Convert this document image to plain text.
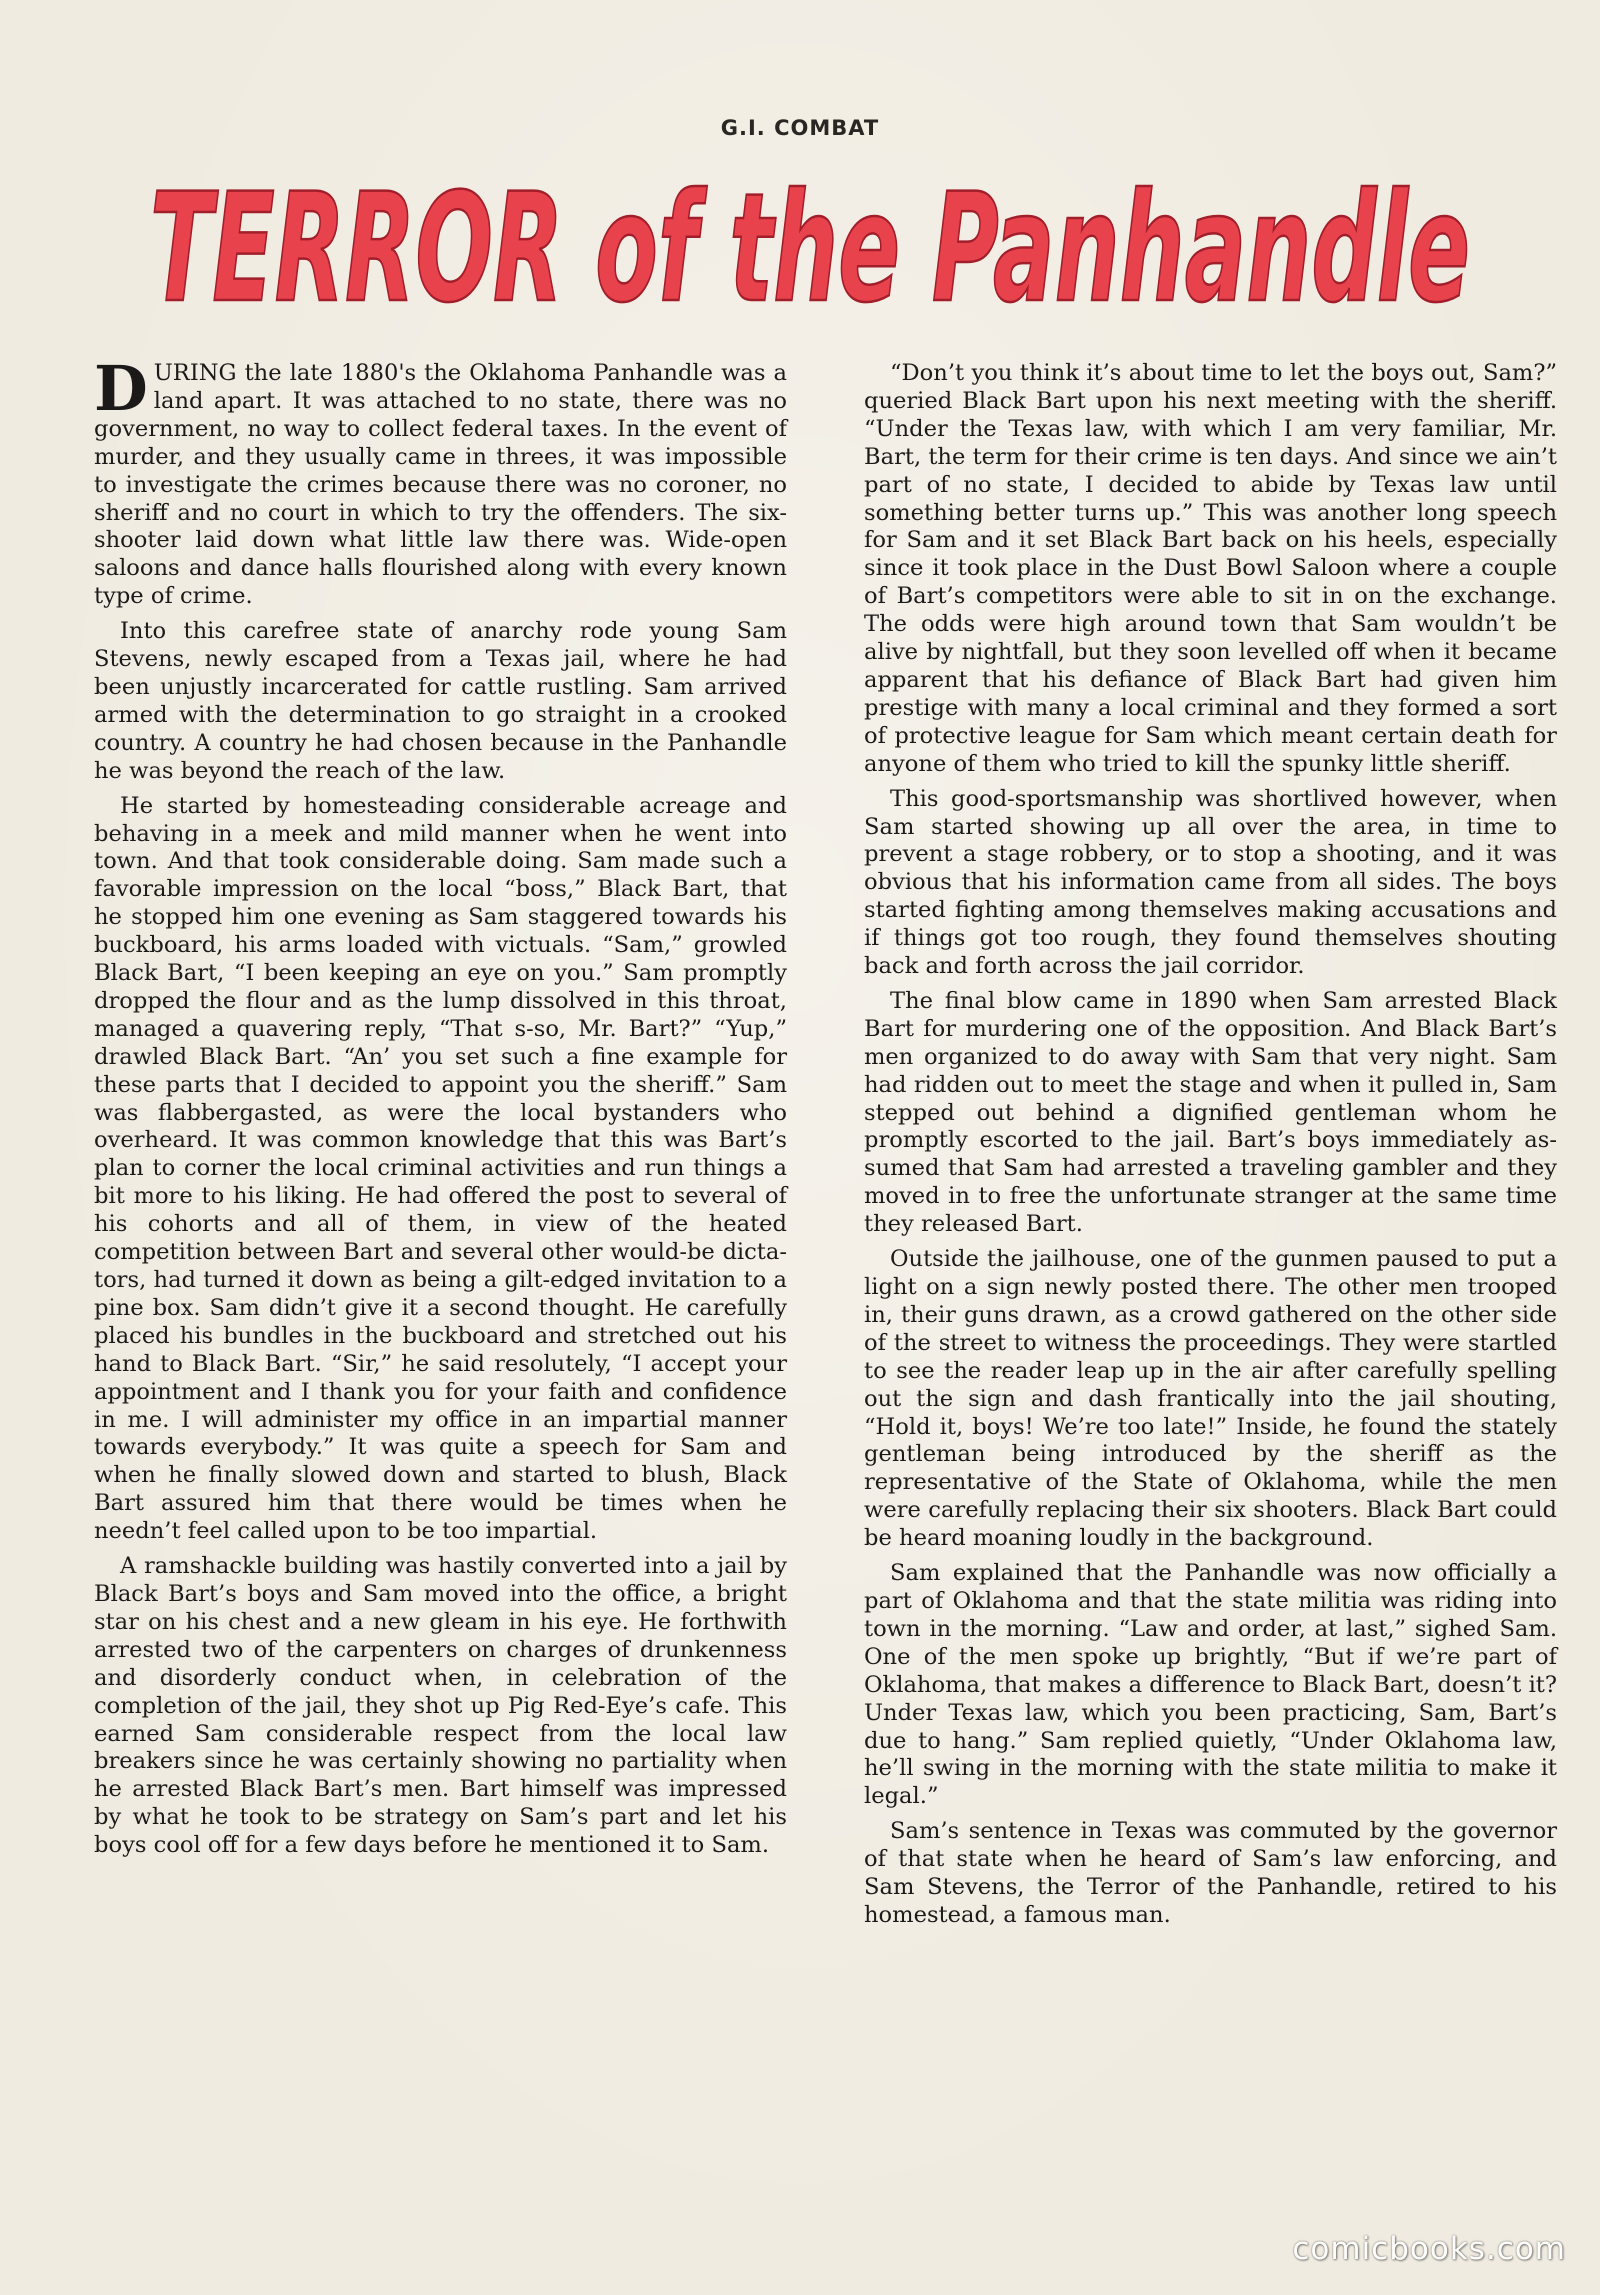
G.I. COMBAT
TERROR of the Panhandle

DURING the late 1880's the Oklahoma Panhandle was a land apart. It was attached to no state, there was no government, no way to collect federal taxes. In the event of murder, and they usually came in threes, it was impossible to investigate the crimes because there was no coroner, no sheriff and no court in which to try the offenders. The six-shooter laid down what little law there was. Wide-open saloons and dance halls flourished along with every known type of crime.

Into this carefree state of anarchy rode young Sam Stevens, newly escaped from a Texas jail, where he had been unjustly incarcerated for cattle rustling. Sam arrived armed with the determination to go straight in a crooked country. A country he had chosen because in the Panhandle he was beyond the reach of the law.

He started by homesteading considerable acreage and behaving in a meek and mild manner when he went into town. And that took considerable doing. Sam made such a favorable impression on the local “boss,” Black Bart, that he stopped him one evening as Sam staggered towards his buckboard, his arms loaded with victuals. “Sam,” growled Black Bart, “I been keeping an eye on you.” Sam promptly dropped the flour and as the lump dissolved in this throat, managed a quavering reply, “That s-so, Mr. Bart?” “Yup,” drawled Black Bart. “An’ you set such a fine example for these parts that I decided to appoint you the sheriff.” Sam was flabbergasted, as were the local bystanders who overheard. It was common knowledge that this was Bart’s plan to corner the local criminal activities and run things a bit more to his liking. He had offered the post to several of his cohorts and all of them, in view of the heated competition between Bart and several other would-be dictators, had turned it down as being a gilt-edged invitation to a pine box. Sam didn’t give it a second thought. He carefully placed his bundles in the buckboard and stretched out his hand to Black Bart. “Sir,” he said resolutely, “I accept your appointment and I thank you for your faith and confidence in me. I will administer my office in an impartial manner towards everybody.” It was quite a speech for Sam and when he finally slowed down and started to blush, Black Bart assured him that there would be times when he needn’t feel called upon to be too impartial.

A ramshackle building was hastily converted into a jail by Black Bart’s boys and Sam moved into the office, a bright star on his chest and a new gleam in his eye. He forthwith arrested two of the carpenters on charges of drunkenness and disorderly conduct when, in celebration of the completion of the jail, they shot up Pig Red-Eye’s cafe. This earned Sam considerable respect from the local law breakers since he was certainly showing no partiality when he arrested Black Bart’s men. Bart himself was impressed by what he took to be strategy on Sam’s part and let his boys cool off for a few days before he mentioned it to Sam.

“Don’t you think it’s about time to let the boys out, Sam?” queried Black Bart upon his next meeting with the sheriff. “Under the Texas law, with which I am very familiar, Mr. Bart, the term for their crime is ten days. And since we ain’t part of no state, I decided to abide by Texas law until something better turns up.” This was another long speech for Sam and it set Black Bart back on his heels, especially since it took place in the Dust Bowl Saloon where a couple of Bart’s competitors were able to sit in on the exchange. The odds were high around town that Sam wouldn’t be alive by nightfall, but they soon levelled off when it became apparent that his defiance of Black Bart had given him prestige with many a local criminal and they formed a sort of protective league for Sam which meant certain death for anyone of them who tried to kill the spunky little sheriff.

This good-sportsmanship was shortlived however, when Sam started showing up all over the area, in time to prevent a stage robbery, or to stop a shooting, and it was obvious that his information came from all sides. The boys started fighting among themselves making accusations and if things got too rough, they found themselves shouting back and forth across the jail corridor.

The final blow came in 1890 when Sam arrested Black Bart for murdering one of the opposition. And Black Bart’s men organized to do away with Sam that very night. Sam had ridden out to meet the stage and when it pulled in, Sam stepped out behind a dignified gentleman whom he promptly escorted to the jail. Bart’s boys immediately assumed that Sam had arrested a traveling gambler and they moved in to free the unfortunate stranger at the same time they released Bart.

Outside the jailhouse, one of the gunmen paused to put a light on a sign newly posted there. The other men trooped in, their guns drawn, as a crowd gathered on the other side of the street to witness the proceedings. They were startled to see the reader leap up in the air after carefully spelling out the sign and dash frantically into the jail shouting, “Hold it, boys! We’re too late!” Inside, he found the stately gentleman being introduced by the sheriff as the representative of the State of Oklahoma, while the men were carefully replacing their six shooters. Black Bart could be heard moaning loudly in the background.

Sam explained that the Panhandle was now officially a part of Oklahoma and that the state militia was riding into town in the morning. “Law and order, at last,” sighed Sam. One of the men spoke up brightly, “But if we’re part of Oklahoma, that makes a difference to Black Bart, doesn’t it? Under Texas law, which you been practicing, Sam, Bart’s due to hang.” Sam replied quietly, “Under Oklahoma law, he’ll swing in the morning with the state militia to make it legal.”

Sam’s sentence in Texas was commuted by the governor of that state when he heard of Sam’s law enforcing, and Sam Stevens, the Terror of the Panhandle, retired to his homestead, a famous man.

comicbooks.com
